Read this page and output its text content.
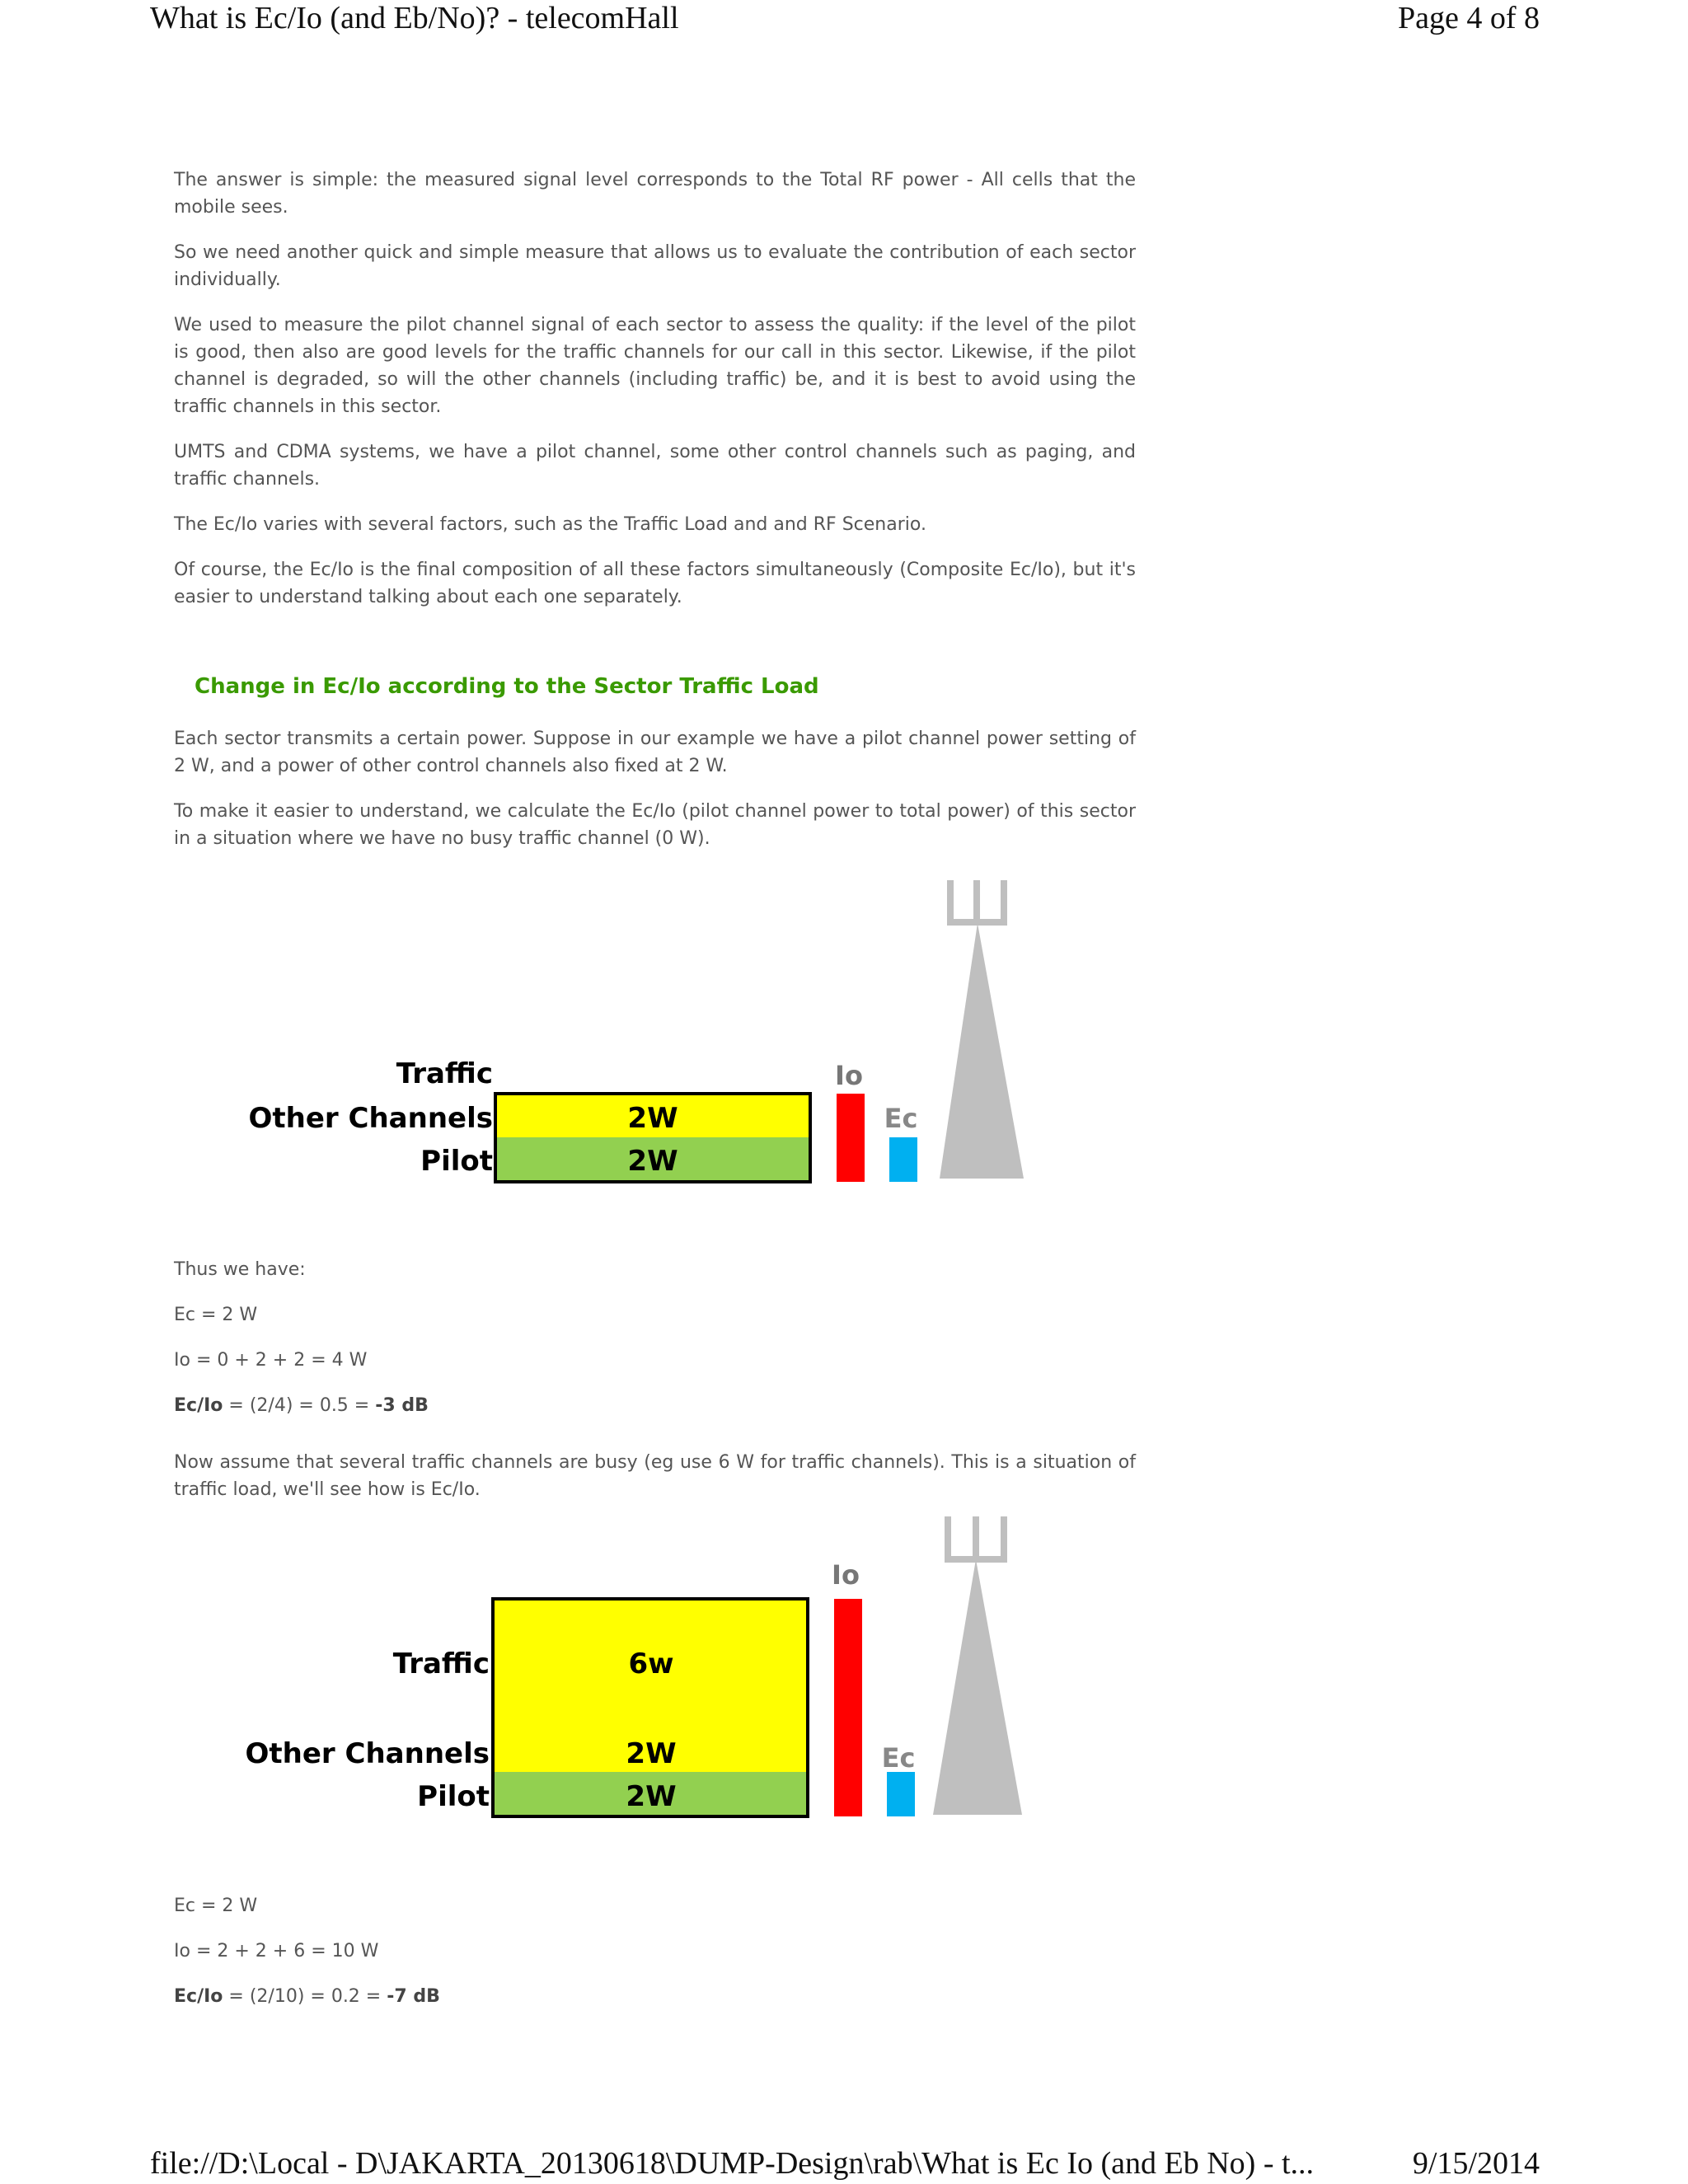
What is Ec/Io (and Eb/No)? - telecomHall	Page 4 of 8

The answer is simple: the measured signal level corresponds to the Total RF power - All cells that the mobile sees.

So we need another quick and simple measure that allows us to evaluate the contribution of each sector individually.

We used to measure the pilot channel signal of each sector to assess the quality: if the level of the pilot is good, then also are good levels for the traffic channels for our call in this sector. Likewise, if the pilot channel is degraded, so will the other channels (including traffic) be, and it is best to avoid using the traffic channels in this sector.

UMTS and CDMA systems, we have a pilot channel, some other control channels such as paging, and traffic channels.

The Ec/Io varies with several factors, such as the Traffic Load and and RF Scenario.

Of course, the Ec/Io is the final composition of all these factors simultaneously (Composite Ec/Io), but it's easier to understand talking about each one separately.

Change in Ec/Io according to the Sector Traffic Load

Each sector transmits a certain power. Suppose in our example we have a pilot channel power setting of 2 W, and a power of other control channels also fixed at 2 W.

To make it easier to understand, we calculate the Ec/Io (pilot channel power to total power) of this sector in a situation where we have no busy traffic channel (0 W).

Traffic
Other Channels
Pilot
2W
2W
Io
Ec
Thus we have:
Ec = 2 W
Io = 0 + 2 + 2 = 4 W
Ec/Io = (2/4) = 0.5 = -3 dB

Now assume that several traffic channels are busy (eg use 6 W for traffic channels). This is a situation of traffic load, we'll see how is Ec/Io.

Traffic
Other Channels
Pilot
6w
2W
2W
Io
Ec
Ec = 2 W
Io = 2 + 2 + 6 = 10 W
Ec/Io = (2/10) = 0.2 = -7 dB
file://D:\Local - D\JAKARTA_20130618\DUMP-Design\rab\What is Ec Io (and Eb No) - t...	9/15/2014
